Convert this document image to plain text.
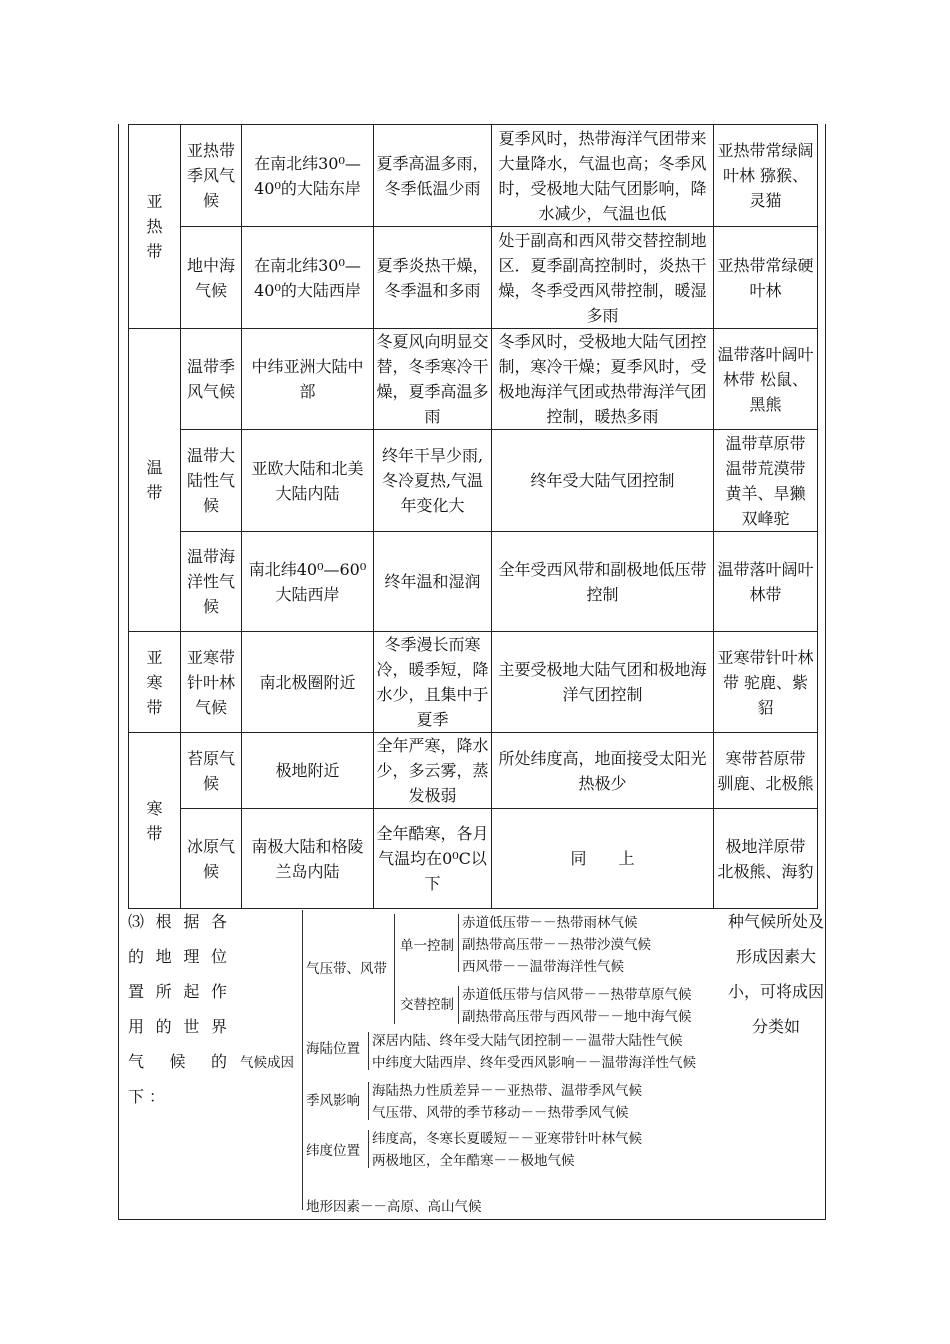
亚热带	亚热带季风气候	在南北纬30⁰—40⁰的大陆东岸	夏季高温多雨，冬季低温少雨	夏季风时，热带海洋气团带来大量降水，气温也高；冬季风时，受极地大陆气团影响，降水减少，气温也低	亚热带常绿阔叶林 猕猴、灵猫
	地中海气候	在南北纬30⁰—40⁰的大陆西岸	夏季炎热干燥，冬季温和多雨	处于副高和西风带交替控制地区．夏季副高控制时，炎热干燥，冬季受西风带控制，暖湿多雨	亚热带常绿硬 叶林

温带	温带季风气候	中纬亚洲大陆中部	冬夏风向明显交替，冬季寒冷干燥，夏季高温多雨	冬季风时，受极地大陆气团控制，寒冷干燥；夏季风时，受极地海洋气团或热带海洋气团控制，暖热多雨	温带落叶阔叶林带 松鼠、黑熊
	温带大陆性气候	亚欧大陆和北美大陆内陆	终年干旱少雨,冬冷夏热,气温年变化大	终年受大陆气团控制	温带草原带 温带荒漠带 黄羊、旱獭 双峰驼
	温带海洋性气候	南北纬40⁰—60⁰大陆西岸	终年温和湿润	全年受西风带和副极地低压带控制	温带落叶阔叶林带

亚寒带	亚寒带针叶林气候	南北极圈附近	冬季漫长而寒冷，暖季短，降水少，且集中于夏季	主要受极地大陆气团和极地海洋气团控制	亚寒带针叶林带 驼鹿、紫貂

寒带	苔原气候	极地附近	全年严寒，降水少，多云雾，蒸发极弱	所处纬度高，地面接受太阳光热极少	寒带苔原带 驯鹿、北极熊
	冰原气候	南极大陆和格陵兰岛内陆	全年酷寒，各月气温均在0⁰C以下	同　　上	极地洋原带 北极熊、海豹
⑶根据各的地理位置所起作用的世界气候的下：
种气候所处及形成因素大小，可将成因分类如
气候成因
气压带、风带
单一控制
赤道低压带－－热带雨林气候
副热带高压带－－热带沙漠气候
西风带－－温带海洋性气候
交替控制
赤道低压带与信风带－－热带草原气候
副热带高压带与西风带－－地中海气候
海陆位置 深居内陆、终年受大陆气团控制－－温带大陆性气候
中纬度大陆西岸、终年受西风影响－－温带海洋性气候
季风影响
海陆热力性质差异－－亚热带、温带季风气候
气压带、风带的季节移动－－热带季风气候
纬度位置
纬度高，冬寒长夏暖短－－亚寒带针叶林气候
两极地区，全年酷寒－－极地气候
地形因素－－高原、高山气候
